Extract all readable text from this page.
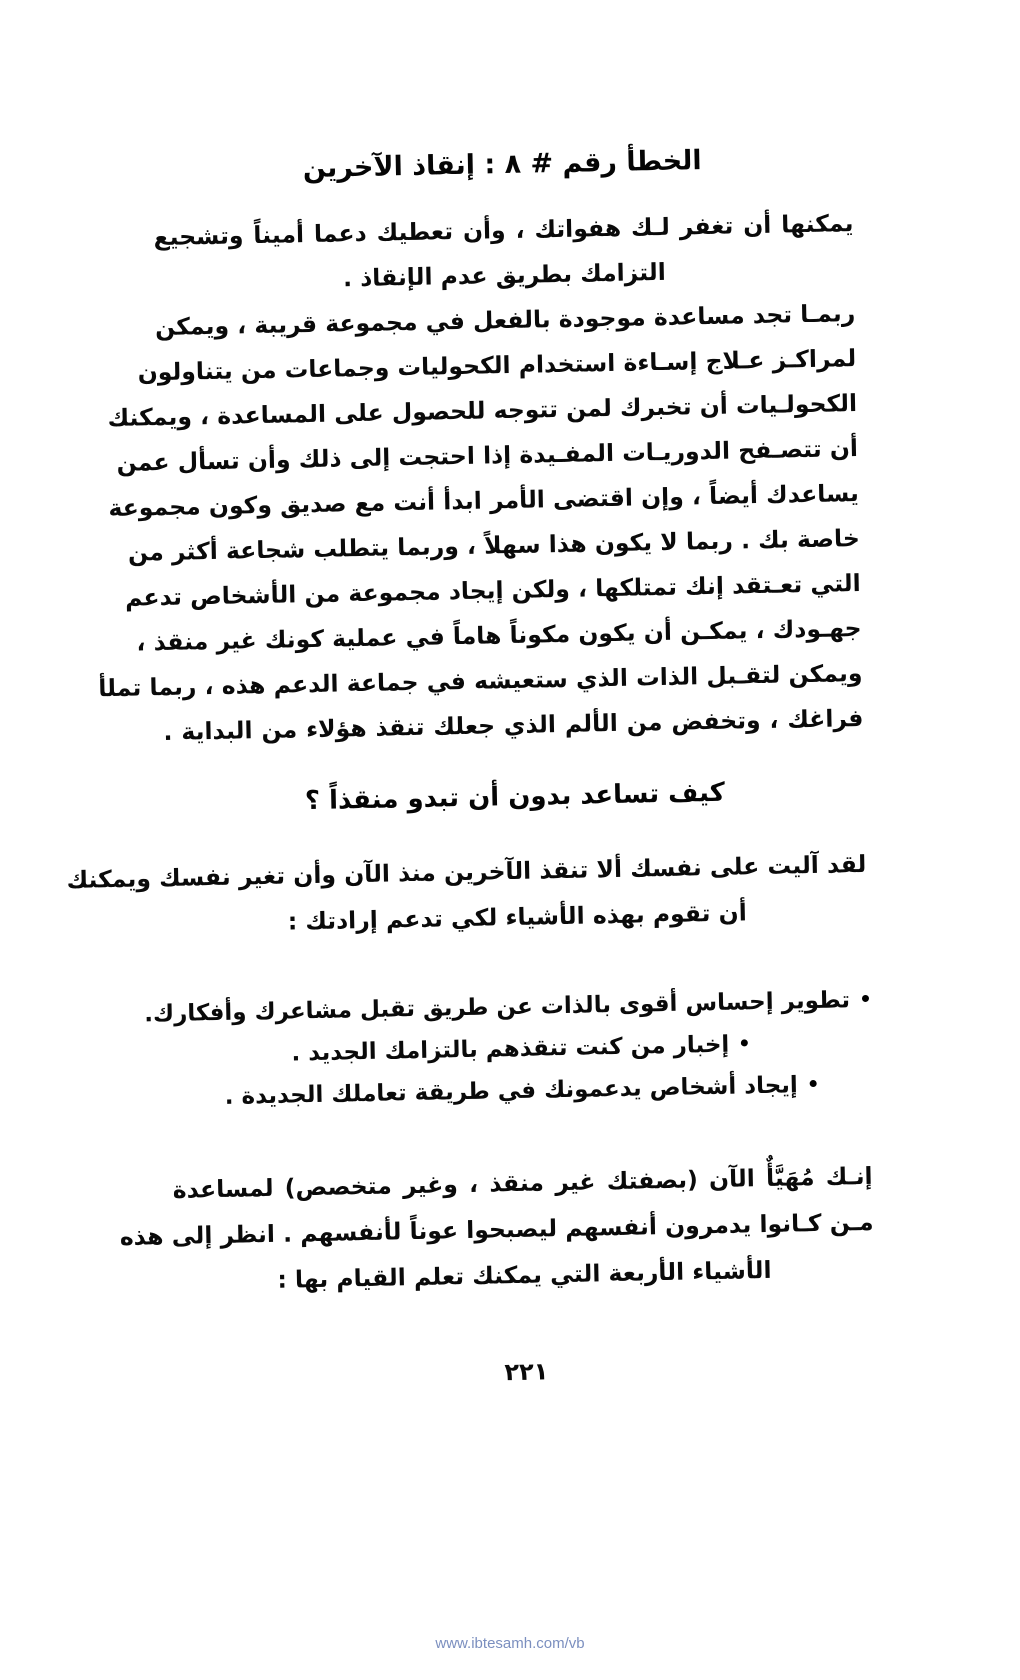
الخطأ رقم # ٨ : إنقاذ الآخرين
يمكنها أن تغفر لـك هفواتك ، وأن تعطيك دعما أميناً وتشجيع
التزامك بطريق عدم الإنقاذ .
ربمـا تجد مساعدة موجودة بالفعل في مجموعة قريبة ، ويمكن
لمراكـز عـلاج إسـاءة استخدام الكحوليات وجماعات من يتناولون
الكحولـيات أن تخبرك لمن تتوجه للحصول على المساعدة ، ويمكنك
أن تتصـفح الدوريـات المفـيدة إذا احتجت إلى ذلك وأن تسأل عمن
يساعدك أيضاً ، وإن اقتضى الأمر ابدأ أنت مع صديق وكون مجموعة
خاصة بك . ربما لا يكون هذا سهلاً ، وربما يتطلب شجاعة أكثر من
التي تعـتقد إنك تمتلكها ، ولكن إيجاد مجموعة من الأشخاص تدعم
جهـودك ، يمكـن أن يكون مكوناً هاماً في عملية كونك غير منقذ ،
ويمكن لتقـبل الذات الذي ستعيشه في جماعة الدعم هذه ، ربما تملأ
فراغك ، وتخفض من الألم الذي جعلك تنقذ هؤلاء من البداية .
كيف تساعد بدون أن تبدو منقذاً ؟
لقد آليت على نفسك ألا تنقذ الآخرين منذ الآن وأن تغير نفسك ويمكنك
أن تقوم بهذه الأشياء لكي تدعم إرادتك :
تطوير إحساس أقوى بالذات عن طريق تقبل مشاعرك وأفكارك.
إخبار من كنت تنقذهم بالتزامك الجديد .
إيجاد أشخاص يدعمونك في طريقة تعاملك الجديدة .
إنـك مُهَيَّأٌ الآن (بصفتك غير منقذ ، وغير متخصص) لمساعدة
مـن كـانوا يدمرون أنفسهم ليصبحوا عوناً لأنفسهم . انظر إلى هذه
الأشياء الأربعة التي يمكنك تعلم القيام بها :
٢٢١
www.ibtesamh.com/vb
